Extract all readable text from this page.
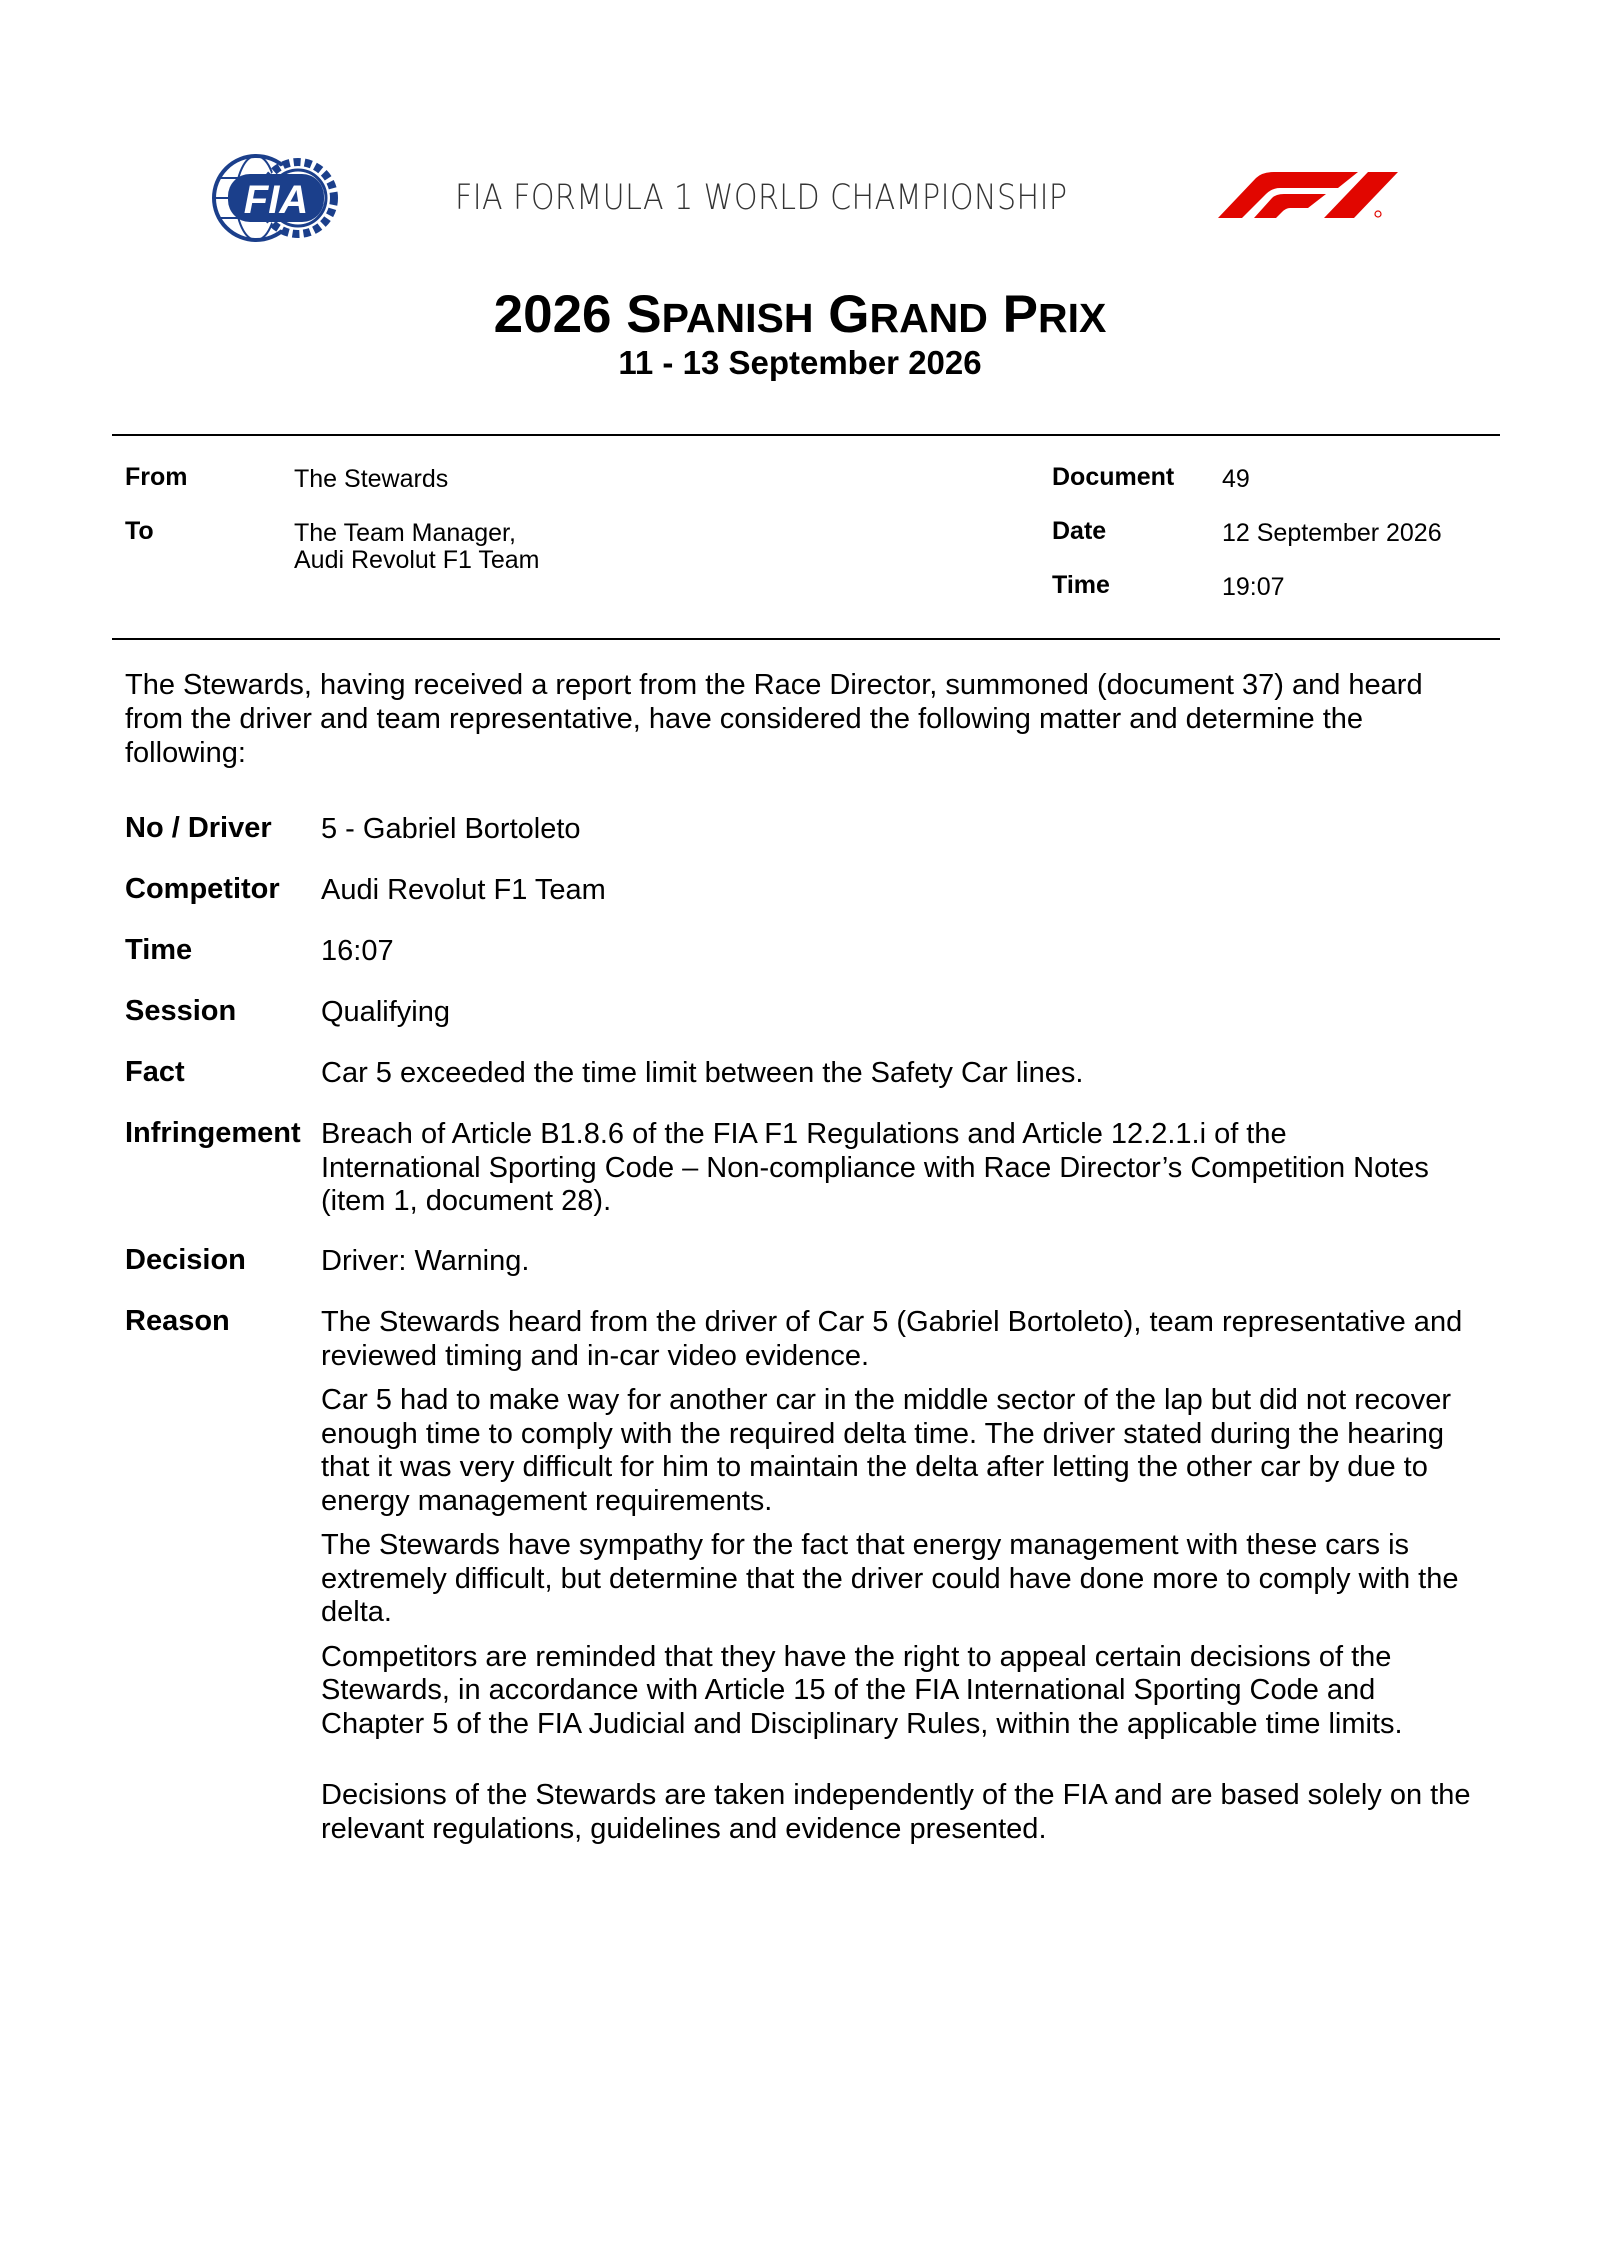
FIA	FIA FORMULA 1 WORLD CHAMPIONSHIP
2026 SPANISH GRAND PRIX
11 - 13 September 2026
From	The Stewards
To	The Team Manager,
Audi Revolut F1 Team
Document 49
Date	12 September 2026
Time	19:07
The Stewards, having received a report from the Race Director, summoned (document 37) and heard from the driver and team representative, have considered the following matter and determine the following:
No / Driver 5 - Gabriel Bortoleto
Competitor Audi Revolut F1 Team
Time	16:07
Session	Qualifying
Fact	Car 5 exceeded the time limit between the Safety Car lines.
Infringement Breach of Article B1.8.6 of the FIA F1 Regulations and Article 12.2.1.i of the International Sporting Code – Non-compliance with Race Director’s Competition Notes (item 1, document 28).
Decision	Driver: Warning.
Reason	The Stewards heard from the driver of Car 5 (Gabriel Bortoleto), team representative and reviewed timing and in-car video evidence.

Car 5 had to make way for another car in the middle sector of the lap but did not recover enough time to comply with the required delta time. The driver stated during the hearing that it was very difficult for him to maintain the delta after letting the other car by due to energy management requirements.

The Stewards have sympathy for the fact that energy management with these cars is extremely difficult, but determine that the driver could have done more to comply with the delta.

Competitors are reminded that they have the right to appeal certain decisions of the Stewards, in accordance with Article 15 of the FIA International Sporting Code and Chapter 5 of the FIA Judicial and Disciplinary Rules, within the applicable time limits.

Decisions of the Stewards are taken independently of the FIA and are based solely on the relevant regulations, guidelines and evidence presented.
